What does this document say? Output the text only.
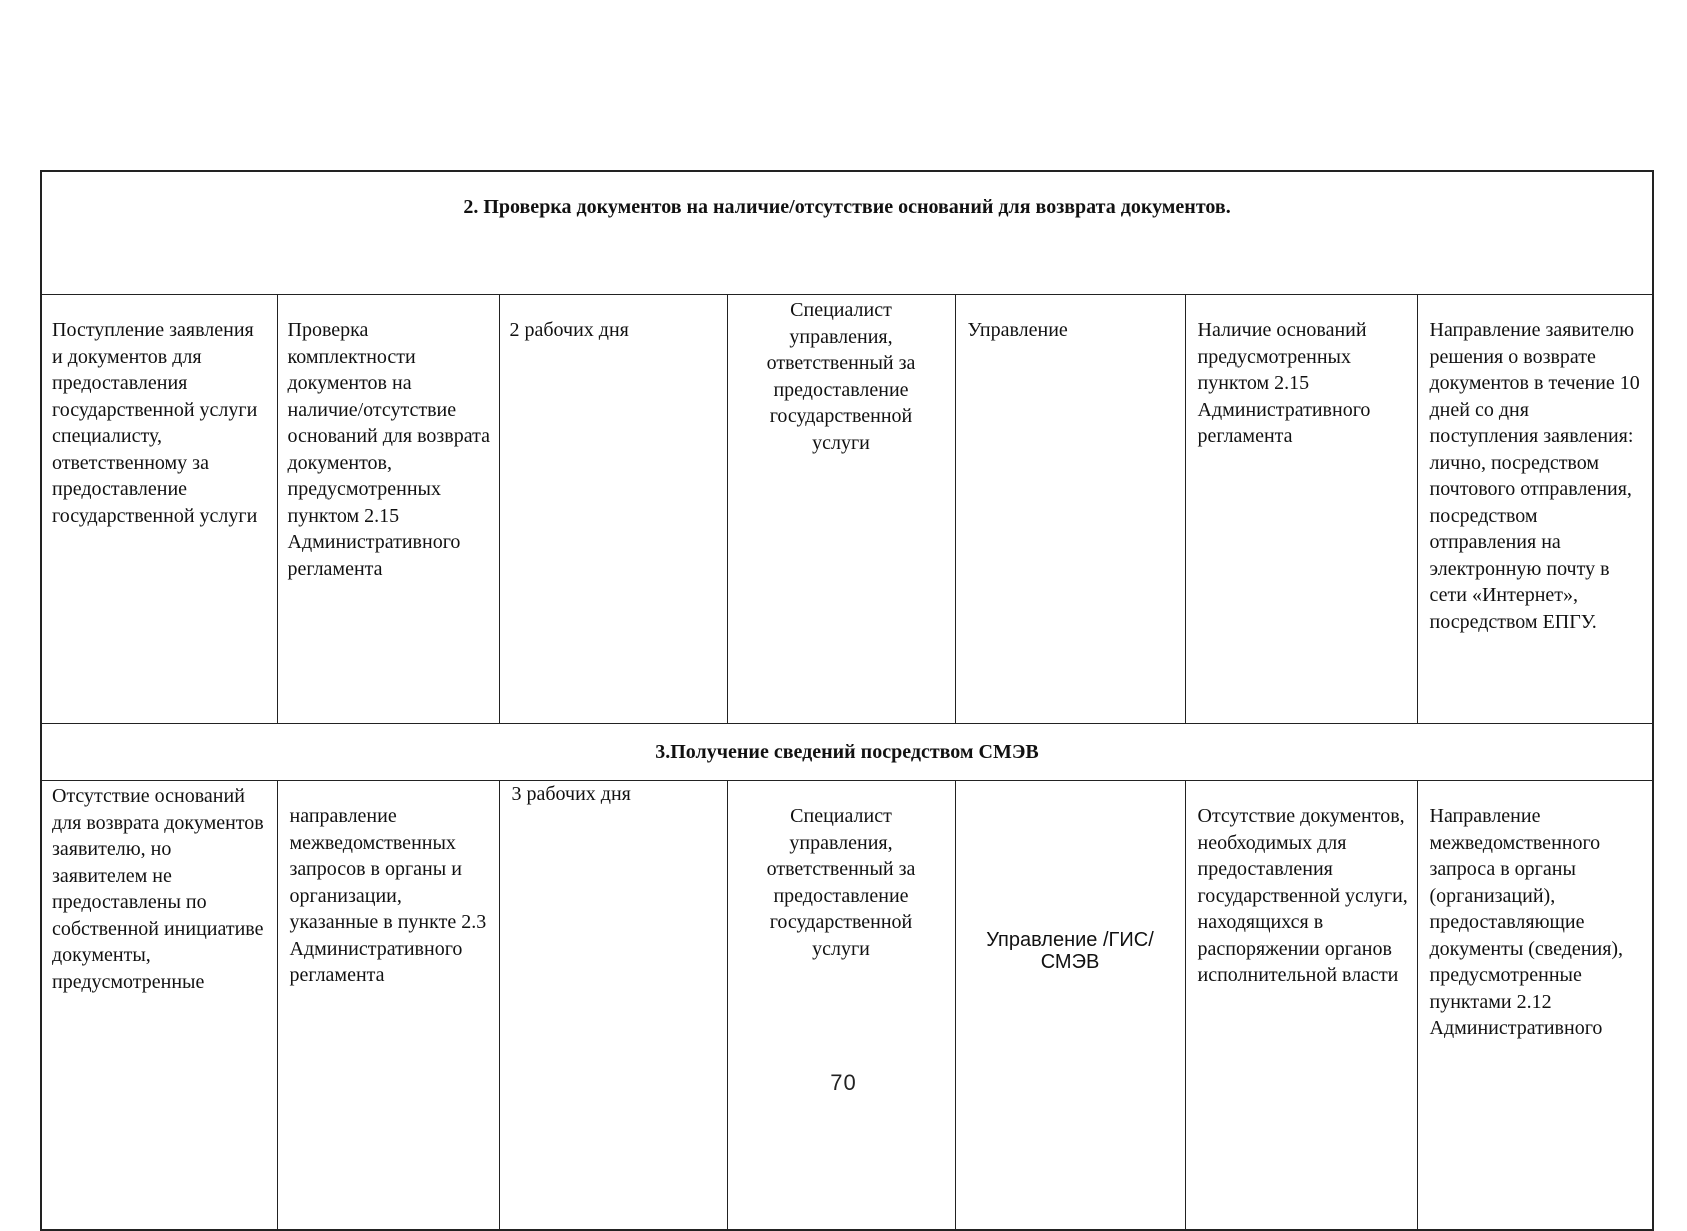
2. Проверка документов на наличие/отсутствие оснований для возврата документов.						

Поступление заявления и документов для предоставления государственной услуги специалисту, ответственному за предоставление государственной услуги	Проверка комплектности документов на наличие/отсутствие оснований для возврата документов, предусмотренных пунктом 2.15 Административного регламента	2 рабочих дня	Специалист управления, ответственный за предоставление государственной услуги	Управление	Наличие оснований предусмотренных пунктом 2.15 Административного регламента	Направление заявителю решения о возврате документов в течение 10 дней со дня поступления заявления: лично, посредством почтового отправления, посредством отправления на электронную почту в сети «Интернет», посредством ЕПГУ.

3.Получение сведений посредством СМЭВ						

Отсутствие оснований для возврата документов заявителю, но заявителем не предоставлены по собственной инициативе документы, предусмотренные	направление межведомственных запросов в органы и организации, указанные в пункте 2.3 Административного регламента	3 рабочих дня	Специалист управления, ответственный за предоставление государственной услуги	Управление /ГИС/СМЭВ	Отсутствие документов, необходимых для предоставления государственной услуги, находящихся в распоряжении органов исполнительной власти	Направление межведомственного запроса в органы (организаций), предоставляющие документы (сведения), предусмотренные пунктами 2.12 Административного
70
